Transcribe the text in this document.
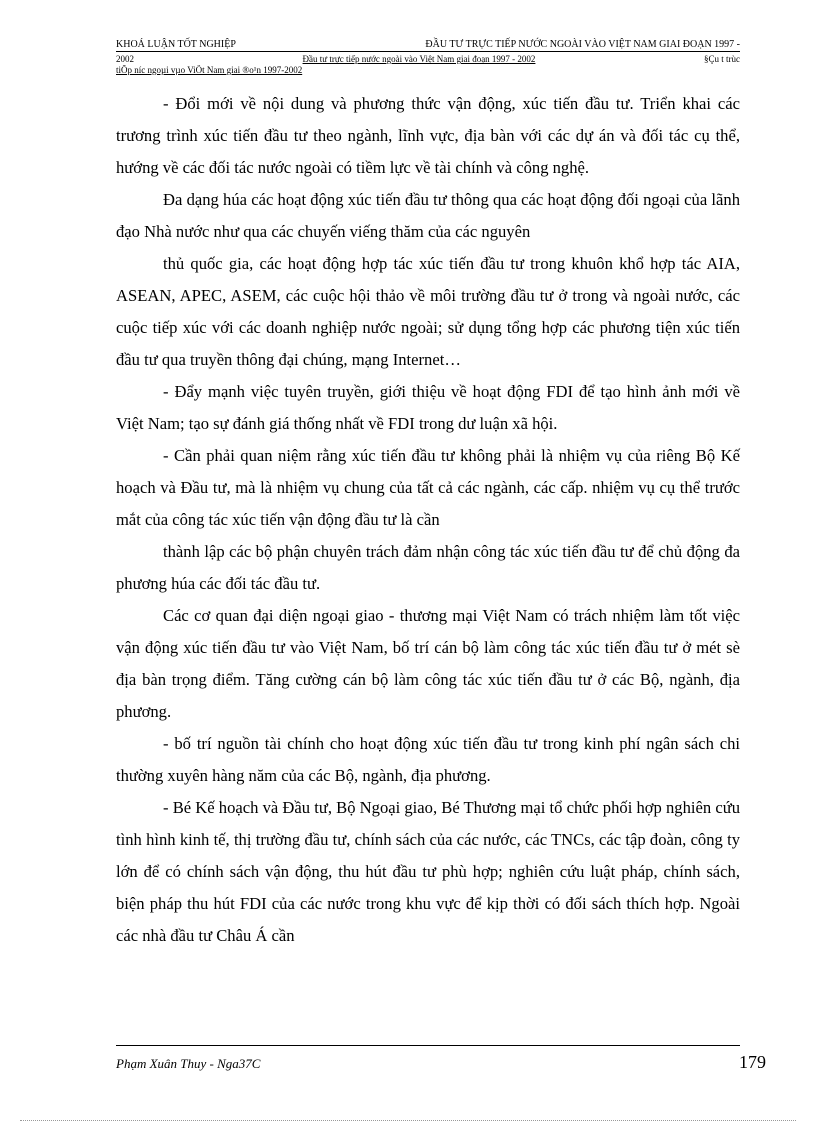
KHOÁ LUẬN TỐT NGHIỆP	ĐẦU TƯ TRỰC TIẾP NƯỚC NGOÀI VÀO VIỆT NAM GIAI ĐOẠN 1997 -
2002	Đầu tư trực tiếp nước ngoài vào Việt Nam giai đoạn 1997 - 2002	§Çu t trùc
tiÕp níc ngoµi vµo ViÖt Nam giai ®o¹n 1997-2002

- Đổi mới về nội dung và phương thức vận động, xúc tiến đầu tư. Triển khai các trương trình xúc tiến đầu tư theo ngành, lĩnh vực, địa bàn với các dự án và đối tác cụ thể, hướng về các đối tác nước ngoài có tiềm lực về tài chính và công nghệ.

Đa dạng húa các hoạt động xúc tiến đầu tư thông qua các hoạt động đối ngoại của lãnh đạo Nhà nước như qua các chuyến viếng thăm của các nguyên

thủ quốc gia, các hoạt động hợp tác xúc tiến đầu tư trong khuôn khổ hợp tác AIA, ASEAN, APEC, ASEM, các cuộc hội thảo về môi trường đầu tư ở trong và ngoài nước, các cuộc tiếp xúc với các doanh nghiệp nước ngoài; sử dụng tổng hợp các phương tiện xúc tiến đầu tư qua truyền thông đại chúng, mạng Internet…

- Đẩy mạnh việc tuyên truyền, giới thiệu về hoạt động FDI để tạo hình ảnh mới về Việt Nam; tạo sự đánh giá thống nhất về FDI trong dư luận xã hội.

- Cần phải quan niệm rằng xúc tiến đầu tư không phải là nhiệm vụ của riêng Bộ Kế hoạch và Đầu tư, mà là nhiệm vụ chung của tất cả các ngành, các cấp. nhiệm vụ cụ thể trước mắt của công tác xúc tiến vận động đầu tư là cần

thành lập các bộ phận chuyên trách đảm nhận công tác xúc tiến đầu tư để chủ động đa phương húa các đối tác đầu tư.

Các cơ quan đại diện ngoại giao - thương mại Việt Nam có trách nhiệm làm tốt việc vận động xúc tiến đầu tư vào Việt Nam, bố trí cán bộ làm công tác xúc tiến đầu tư ở mét sè địa bàn trọng điểm. Tăng cường cán bộ làm công tác xúc tiến đầu tư ở các Bộ, ngành, địa phương.

- bố trí nguồn tài chính cho hoạt động xúc tiến đầu tư trong kinh phí ngân sách chi thường xuyên hàng năm của các Bộ, ngành, địa phương.

- Bé Kế hoạch và Đầu tư, Bộ Ngoại giao, Bé Thương mại tổ chức phối hợp nghiên cứu tình hình kinh tế, thị trường đầu tư, chính sách của các nước, các TNCs, các tập đoàn, công ty lớn để có chính sách vận động, thu hút đầu tư phù hợp; nghiên cứu luật pháp, chính sách, biện pháp thu hút FDI của các nước trong khu vực để kịp thời có đối sách thích hợp. Ngoài các nhà đầu tư Châu Á cần

Phạm Xuân Thuy - Nga37C	179
